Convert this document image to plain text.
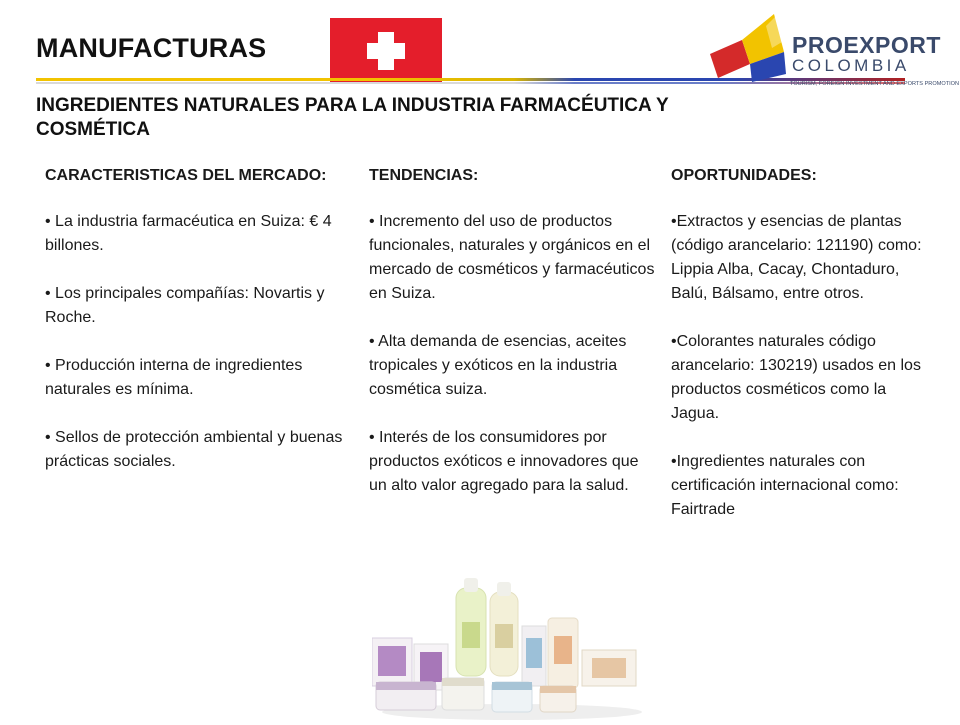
MANUFACTURAS	PROEXPORT
COLOMBIA
TOURISM, FOREIGN INVESTMENT AND EXPORTS PROMOTION
INGREDIENTES NATURALES PARA LA INDUSTRIA FARMACÉUTICA Y COSMÉTICA
CARACTERISTICAS DEL MERCADO:

• La industria farmacéutica en Suiza: € 4 billones.

• Los principales compañías: Novartis y Roche.

• Producción interna de ingredientes naturales es mínima.

• Sellos de protección ambiental y buenas prácticas sociales.

TENDENCIAS:

• Incremento del uso de productos funcionales, naturales y orgánicos en el mercado de cosméticos y farmacéuticos en Suiza.

• Alta demanda de esencias, aceites tropicales y exóticos en la industria cosmética suiza.

• Interés de los consumidores por productos exóticos e innovadores que un alto valor agregado para la salud.

OPORTUNIDADES:

•Extractos y esencias de plantas (código arancelario: 121190) como: Lippia Alba, Cacay, Chontaduro, Balú, Bálsamo, entre otros.

•Colorantes naturales código arancelario: 130219) usados en los productos cosméticos como la Jagua.

•Ingredientes naturales con certificación internacional como: Fairtrade
